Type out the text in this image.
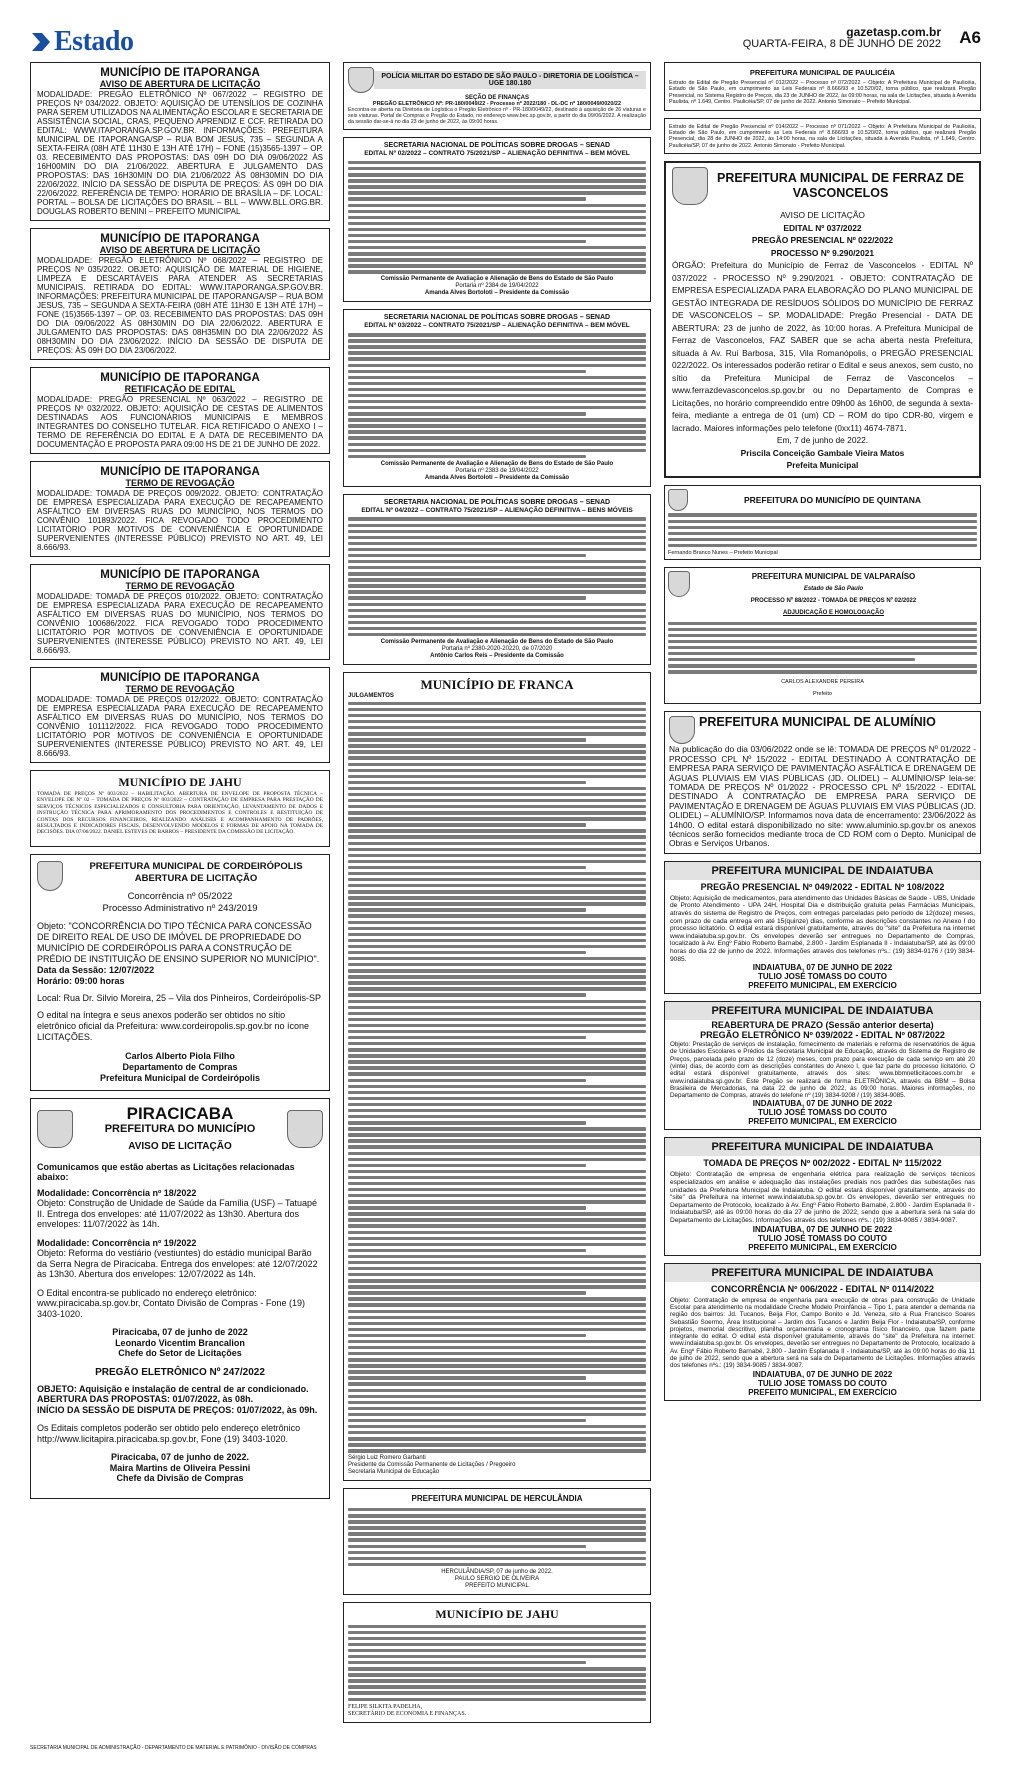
Estado	gazetasp.com.br
QUARTA-FEIRA, 8 DE JUNHO DE 2022 A6
MUNICÍPIO DE ITAPORANGA
AVISO DE ABERTURA DE LICITAÇÃO
MODALIDADE: PREGÃO ELETRÔNICO Nº 067/2022 – REGISTRO DE PREÇOS Nº 034/2022. OBJETO: AQUISIÇÃO DE UTENSÍLIOS DE COZINHA PARA SEREM UTILIZADOS NA ALIMENTAÇÃO ESCOLAR E SECRETARIA DE ASSISTÊNCIA SOCIAL, CRAS, PEQUENO APRENDIZ E CCF. RETIRADA DO EDITAL: WWW.ITAPORANGA.SP.GOV.BR. INFORMAÇÕES: PREFEITURA MUNICIPAL DE ITAPORANGA/SP – RUA BOM JESUS, 735 – SEGUNDA A SEXTA-FEIRA (08H ATÉ 11H30 E 13H ATÉ 17H) – FONE (15)3565-1397 – OP. 03. RECEBIMENTO DAS PROPOSTAS: DAS 09H DO DIA 09/06/2022 ÀS 16H00MIN DO DIA 21/06/2022. ABERTURA E JULGAMENTO DAS PROPOSTAS: DAS 16H30MIN DO DIA 21/06/2022 ÀS 08H30MIN DO DIA 22/06/2022. INÍCIO DA SESSÃO DE DISPUTA DE PREÇOS: ÀS 09H DO DIA 22/06/2022. REFERÊNCIA DE TEMPO: HORÁRIO DE BRASÍLIA – DF. LOCAL: PORTAL – BOLSA DE LICITAÇÕES DO BRASIL – BLL – WWW.BLL.ORG.BR. DOUGLAS ROBERTO BENINI – PREFEITO MUNICIPAL
MUNICÍPIO DE ITAPORANGA
AVISO DE ABERTURA DE LICITAÇÃO
MODALIDADE: PREGÃO ELETRÔNICO Nº 068/2022 – REGISTRO DE PREÇOS Nº 035/2022. OBJETO: AQUISIÇÃO DE MATERIAL DE HIGIENE, LIMPEZA E DESCARTÁVEIS PARA ATENDER AS SECRETARIAS MUNICIPAIS. RETIRADA DO EDITAL: WWW.ITAPORANGA.SP.GOV.BR. INFORMAÇÕES: PREFEITURA MUNICIPAL DE ITAPORANGA/SP – RUA BOM JESUS, 735 – SEGUNDA A SEXTA-FEIRA (08H ATÉ 11H30 E 13H ATÉ 17H) – FONE (15)3565-1397 – OP. 03. RECEBIMENTO DAS PROPOSTAS: DAS 09H DO DIA 09/06/2022 ÀS 08H30MIN DO DIA 22/06/2022. ABERTURA E JULGAMENTO DAS PROPOSTAS: DAS 08H35MIN DO DIA 22/06/2022 ÀS 08H30MIN DO DIA 23/06/2022. INÍCIO DA SESSÃO DE DISPUTA DE PREÇOS: ÀS 09H DO DIA 23/06/2022.
MUNICÍPIO DE ITAPORANGA
RETIFICAÇÃO DE EDITAL
MODALIDADE: PREGÃO PRESENCIAL Nº 063/2022 – REGISTRO DE PREÇOS Nº 032/2022. OBJETO: AQUISIÇÃO DE CESTAS DE ALIMENTOS DESTINADAS AOS FUNCIONÁRIOS MUNICIPAIS E MEMBROS INTEGRANTES DO CONSELHO TUTELAR. FICA RETIFICADO O ANEXO I – TERMO DE REFERÊNCIA DO EDITAL E A DATA DE RECEBIMENTO DA DOCUMENTAÇÃO E PROPOSTA PARA 09:00 HS DE 21 DE JUNHO DE 2022.
MUNICÍPIO DE ITAPORANGA
TERMO DE REVOGAÇÃO
MODALIDADE: TOMADA DE PREÇOS 009/2022. OBJETO: CONTRATAÇÃO DE EMPRESA ESPECIALIZADA PARA EXECUÇÃO DE RECAPEAMENTO ASFÁLTICO EM DIVERSAS RUAS DO MUNICÍPIO, NOS TERMOS DO CONVÊNIO 101893/2022. FICA REVOGADO TODO PROCEDIMENTO LICITATÓRIO POR MOTIVOS DE CONVENIÊNCIA E OPORTUNIDADE SUPERVENIENTES (INTERESSE PÚBLICO) PREVISTO NO ART. 49, LEI 8.666/93.
MUNICÍPIO DE ITAPORANGA
TERMO DE REVOGAÇÃO
MODALIDADE: TOMADA DE PREÇOS 010/2022. OBJETO: CONTRATAÇÃO DE EMPRESA ESPECIALIZADA PARA EXECUÇÃO DE RECAPEAMENTO ASFÁLTICO EM DIVERSAS RUAS DO MUNICÍPIO, NOS TERMOS DO CONVÊNIO 100686/2022. FICA REVOGADO TODO PROCEDIMENTO LICITATÓRIO POR MOTIVOS DE CONVENIÊNCIA E OPORTUNIDADE SUPERVENIENTES (INTERESSE PÚBLICO) PREVISTO NO ART. 49, LEI 8.666/93.
MUNICÍPIO DE ITAPORANGA
TERMO DE REVOGAÇÃO
MODALIDADE: TOMADA DE PREÇOS 012/2022. OBJETO: CONTRATAÇÃO DE EMPRESA ESPECIALIZADA PARA EXECUÇÃO DE RECAPEAMENTO ASFÁLTICO EM DIVERSAS RUAS DO MUNICÍPIO, NOS TERMOS DO CONVÊNIO 101112/2022. FICA REVOGADO TODO PROCEDIMENTO LICITATÓRIO POR MOTIVOS DE CONVENIÊNCIA E OPORTUNIDADE SUPERVENIENTES (INTERESSE PÚBLICO) PREVISTO NO ART. 49, LEI 8.666/93.
MUNICÍPIO DE JAHU
TOMADA DE PREÇOS Nº 003/2022 – HABILITAÇÃO. ABERTURA DE ENVELOPE DE PROPOSTA TÉCNICA – ENVELOPE DE Nº 02 – TOMADA DE PREÇOS Nº 003/2022 – CONTRATAÇÃO DE EMPRESA PARA PRESTAÇÃO DE SERVIÇOS TÉCNICOS ESPECIALIZADOS E CONSULTORIA PARA ORIENTAÇÃO, LEVANTAMENTO DE DADOS E INSTRUÇÃO TÉCNICA PARA APRIMORAMENTO DOS PROCEDIMENTOS E CONTROLES E RESTITUIÇÃO DE CONTAS DOS RECURSOS FINANCEIROS, REALIZANDO ANÁLISES E ACOMPANHAMENTO DE PADRÕES, RESULTADOS E INDICADORES FISCAIS, DESENVOLVENDO MODELOS E FORMAS DE APOIO NA TOMADA DE DECISÕES. DIA 07/06/2022. DANIEL ESTEVES DE BARROS – PRESIDENTE DA COMISSÃO DE LICITAÇÃO.
PREFEITURA MUNICIPAL DE CORDEIRÓPOLIS
ABERTURA DE LICITAÇÃO
Concorrência nº 05/2022
Processo Administrativo nº 243/2019
Objeto: "CONCORRÊNCIA DO TIPO TÉCNICA PARA CONCESSÃO DE DIREITO REAL DE USO DE IMÓVEL DE PROPRIEDADE DO MUNICÍPIO DE CORDEIRÓPOLIS PARA A CONSTRUÇÃO DE PRÉDIO DE INSTITUIÇÃO DE ENSINO SUPERIOR NO MUNICÍPIO".
Data da Sessão: 12/07/2022
Horário: 09:00 horas
Local: Rua Dr. Silvio Moreira, 25 – Vila dos Pinheiros, Cordeirópolis-SP
O edital na íntegra e seus anexos poderão ser obtidos no sítio eletrônico oficial da Prefeitura: www.cordeiropolis.sp.gov.br no ícone LICITAÇÕES.
Carlos Alberto Piola Filho
Departamento de Compras
Prefeitura Municipal de Cordeirópolis
PIRACICABA
PREFEITURA DO MUNICÍPIO
AVISO DE LICITAÇÃO
Comunicamos que estão abertas as Licitações relacionadas abaixo:

Modalidade: Concorrência nº 18/2022
Objeto: Construção de Unidade de Saúde da Família (USF) – Tatuapé II. Entrega dos envelopes: até 11/07/2022 às 13h30. Abertura dos envelopes: 11/07/2022 às 14h.

Modalidade: Concorrência nº 19/2022
Objeto: Reforma do vestiário (vestiuntes) do estádio municipal Barão da Serra Negra de Piracicaba. Entrega dos envelopes: até 12/07/2022 às 13h30. Abertura dos envelopes: 12/07/2022 às 14h.

O Edital encontra-se publicado no endereço eletrônico: www.piracicaba.sp.gov.br, Contato Divisão de Compras - Fone (19) 3403-1020.

Piracicaba, 07 de junho de 2022
Leonardo Vicentim Brancalion
Chefe do Setor de Licitações
PREGÃO ELETRÔNICO Nº 247/2022
OBJETO: Aquisição e instalação de central de ar condicionado.
ABERTURA DAS PROPOSTAS: 01/07/2022, às 08h.
INÍCIO DA SESSÃO DE DISPUTA DE PREÇOS: 01/07/2022, às 09h.
Os Editais completos poderão ser obtido pelo endereço eletrônico http://www.licitapira.piracicaba.sp.gov.br, Fone (19) 3403-1020.
Piracicaba, 07 de junho de 2022.
Maira Martins de Oliveira Pessini
Chefe da Divisão de Compras
SECRETARIA MUNICIPAL DE ADMINISTRAÇÃO - DEPARTAMENTO DE MATERIAL E PATRIMÔNIO - DIVISÃO DE COMPRAS
POLÍCIA MILITAR DO ESTADO DE SÃO PAULO - DIRETORIA DE LOGÍSTICA – UGE 180.180
SEÇÃO DE FINANÇAS
PREGÃO ELETRÔNICO Nº: PR-180/0049/22 - Processo nº 2022/180 - DL-DC nº 180/0049/0020/22
Encontra-se aberta na Diretoria de Logística o Pregão Eletrônico nº - PR-180/0049/22, destinado à aquisição de 26 viaturas e seis viaturas. Portal de Compras e Pregão do Estado, no endereço www.bec.sp.gov.br, a partir do dia 09/06/2022. A realização da sessão dar-se-á no dia 23 de junho de 2022, às 09:00 horas.
SECRETARIA NACIONAL DE POLÍTICAS SOBRE DROGAS – SENAD
EDITAL Nº 02/2022 – CONTRATO 75/2021/SP – ALIENAÇÃO DEFINITIVA – BEM MÓVEL
Comissão Permanente de Avaliação e Alienação de Bens do Estado de São Paulo
Portaria nº 2384 de 19/04/2022
Amanda Alves Bortoloti – Presidente da Comissão
SECRETARIA NACIONAL DE POLÍTICAS SOBRE DROGAS – SENAD
EDITAL Nº 03/2022 – CONTRATO 75/2021/SP – ALIENAÇÃO DEFINITIVA – BEM MÓVEL
Comissão Permanente de Avaliação e Alienação de Bens do Estado de São Paulo
Portaria nº 2383 de 19/04/2022
Amanda Alves Bortoloti – Presidente da Comissão
SECRETARIA NACIONAL DE POLÍTICAS SOBRE DROGAS – SENAD
EDITAL Nº 04/2022 – CONTRATO 75/2021/SP – ALIENAÇÃO DEFINITIVA – BENS MÓVEIS
Comissão Permanente de Avaliação e Alienação de Bens do Estado de São Paulo
Portaria nº 2380-2020-20220, de 07/2020
Antônio Carlos Reis – Presidente da Comissão
MUNICÍPIO DE FRANCA
JULGAMENTOS
Sérgio Luiz Romero Garbanti
Presidente da Comissão Permanente de Licitações / Pregoeiro
Secretaria Municipal de Educação
PREFEITURA MUNICIPAL DE HERCULÂNDIA
HERCULÂNDIA/SP, 07 de junho de 2022.
PAULO SERGIO DE OLIVEIRA
PREFEITO MUNICIPAL
MUNICÍPIO DE JAHU
FELIPE SILKITA PADELHA,
SECRETÁRIO DE ECONOMIA E FINANÇAS.
PREFEITURA MUNICIPAL DE PAULICÉIA
Extrato de Edital de Pregão Presencial nº 012/2022 – Processo nº 072/2022 – Objeto: A Prefeitura Municipal de Paulicéia, Estado de São Paulo, em cumprimento as Leis Federais nº 8.666/93 e 10.520/02, torna público, que realizará Pregão Presencial, no Sistema Registro de Preços, dia 23 de JUNHO de 2022, às 09:00 horas, na sala de Licitações, situada à Avenida Paulista, nº 1.649, Centro. Paulicéia/SP, 07 de junho de 2022. Antonio Simonato – Prefeito Municipal.
Extrato de Edital de Pregão Presencial nº 014/2022 – Processo nº 071/2022 – Objeto: A Prefeitura Municipal de Paulicéia, Estado de São Paulo, em cumprimento as Leis Federais nº 8.666/93 e 10.520/02, torna público, que realizará Pregão Presencial, dia 28 de JUNHO de 2022, às 14:00 horas, na sala de Licitações, situada à Avenida Paulista, nº 1.649, Centro. Paulicéia/SP, 07 de junho de 2022. Antonio Simonato - Prefeito Municipal.
PREFEITURA MUNICIPAL DE FERRAZ DE VASCONCELOS
AVISO DE LICITAÇÃO
EDITAL Nº 037/2022
PREGÃO PRESENCIAL Nº 022/2022
PROCESSO Nº 9.290/2021
ÓRGÃO: Prefeitura do Município de Ferraz de Vasconcelos - EDITAL Nº 037/2022 - PROCESSO Nº 9.290/2021 - OBJETO: CONTRATAÇÃO DE EMPRESA ESPECIALIZADA PARA ELABORAÇÃO DO PLANO MUNICIPAL DE GESTÃO INTEGRADA DE RESÍDUOS SÓLIDOS DO MUNICÍPIO DE FERRAZ DE VASCONCELOS – SP. MODALIDADE: Pregão Presencial - DATA DE ABERTURA: 23 de junho de 2022, às 10:00 horas. A Prefeitura Municipal de Ferraz de Vasconcelos, FAZ SABER que se acha aberta nesta Prefeitura, situada à Av. Rui Barbosa, 315, Vila Romanópolis, o PREGÃO PRESENCIAL 022/2022. Os interessados poderão retirar o Edital e seus anexos, sem custo, no sítio da Prefeitura Municipal de Ferraz de Vasconcelos – www.ferrazdevasconcelos.sp.gov.br ou no Departamento de Compras e Licitações, no horário compreendido entre 09h00 às 16h00, de segunda à sexta-feira, mediante a entrega de 01 (um) CD – ROM do tipo CDR-80, virgem e lacrado. Maiores informações pelo telefone (0xx11) 4674-7871.
Em, 7 de junho de 2022.
Priscila Conceição Gambale Vieira Matos
Prefeita Municipal
PREFEITURA DO MUNICÍPIO DE QUINTANA
Fernando Branco Nunes – Prefeito Municipal
PREFEITURA MUNICIPAL DE VALPARAÍSO
Estado de São Paulo
PROCESSO Nº 88/2022 - TOMADA DE PREÇOS Nº 02/2022
ADJUDICAÇÃO E HOMOLOGAÇÃO
CARLOS ALEXANDRE PEREIRA
Prefeito
PREFEITURA MUNICIPAL DE ALUMÍNIO
Na publicação do dia 03/06/2022 onde se lê: TOMADA DE PREÇOS Nº 01/2022 - PROCESSO CPL Nº 15/2022 - EDITAL DESTINADO À CONTRATAÇÃO DE EMPRESA PARA SERVIÇO DE PAVIMENTAÇÃO ASFÁLTICA E DRENAGEM DE ÁGUAS PLUVIAIS EM VIAS PÚBLICAS (JD. OLIDEL) – ALUMÍNIO/SP leia-se: TOMADA DE PREÇOS Nº 01/2022 - PROCESSO CPL Nº 15/2022 - EDITAL DESTINADO À CONTRATAÇÃO DE EMPRESA PARA SERVIÇO DE PAVIMENTAÇÃO E DRENAGEM DE ÁGUAS PLUVIAIS EM VIAS PÚBLICAS (JD. OLIDEL) – ALUMÍNIO/SP. Informamos nova data de encerramento: 23/06/2022 às 14h00. O edital estará disponibilizado no site: www.aluminio.sp.gov.br os anexos técnicos serão fornecidos mediante troca de CD ROM com o Depto. Municipal de Obras e Serviços Urbanos.
PREFEITURA MUNICIPAL DE INDAIATUBA
PREGÃO PRESENCIAL Nº 049/2022 - EDITAL Nº 108/2022
Objeto: Aquisição de medicamentos, para atendimento das Unidades Básicas de Saúde - UBS, Unidade de Pronto Atendimento - UPA 24H, Hospital Dia e distribuição gratuita pelas Farmácias Municipais, através do sistema de Registro de Preços, com entregas parceladas pelo período de 12(doze) meses, com prazo de cada entrega em até 15(quinze) dias, conforme as descrições constantes no Anexo I do processo licitatório. O edital estará disponível gratuitamente, através do "site" da Prefeitura na internet www.indaiatuba.sp.gov.br. Os envelopes deverão ser entregues no Departamento de Compras, localizado à Av. Engº Fábio Roberto Barnabé, 2.800 - Jardim Esplanada II - Indaiatuba/SP, até às 09:00 horas do dia 22 de junho de 2022. Informações através dos telefones nºs.: (19) 3834-9176 / (19) 3834-9085.
INDAIATUBA, 07 DE JUNHO DE 2022
TULIO JOSÉ TOMASS DO COUTO
PREFEITO MUNICIPAL, EM EXERCÍCIO
PREFEITURA MUNICIPAL DE INDAIATUBA
REABERTURA DE PRAZO (Sessão anterior deserta)
PREGÃO ELETRÔNICO Nº 039/2022 - EDITAL Nº 087/2022
Objeto: Prestação de serviços de instalação, fornecimento de materiais e reforma de reservatórios de água de Unidades Escolares e Prédios da Secretaria Municipal de Educação, através do Sistema de Registro de Preços, parcelada pelo prazo de 12 (doze) meses, com prazo para execução de cada serviço em até 20 (vinte) dias, de acordo com as descrições constantes do Anexo I, que faz parte do processo licitatório. O edital estará disponível gratuitamente, através dos sites: www.bbmnetlicitacoes.com.br e www.indaiatuba.sp.gov.br. Este Pregão se realizará de forma ELETRÔNICA, através da BBM – Bolsa Brasileira de Mercadorias, na data 22 de junho de 2022, às 09:00 horas. Maiores informações, no Departamento de Compras, através do telefone nº (19) 3834-9208 / (19) 3834-9085.
INDAIATUBA, 07 DE JUNHO DE 2022
TULIO JOSÉ TOMASS DO COUTO
PREFEITO MUNICIPAL, EM EXERCÍCIO
PREFEITURA MUNICIPAL DE INDAIATUBA
TOMADA DE PREÇOS Nº 002/2022 - EDITAL Nº 115/2022
Objeto: Contratação de empresa de engenharia elétrica para realização de serviços técnicos especializados em análise e adequação das instalações prediais nos padrões das subestações nas unidades da Prefeitura Municipal de Indaiatuba. O edital estará disponível gratuitamente, através do "site" da Prefeitura na internet www.indaiatuba.sp.gov.br. Os envelopes, deverão ser entregues no Departamento de Protocolo, localizado à Av. Engº Fábio Roberto Barnabé, 2.800 - Jardim Esplanada II - Indaiatuba/SP, até às 09:00 horas do dia 27 de junho de 2022, sendo que a abertura será na sala do Departamento de Licitações. Informações através dos telefones nºs.: (19) 3834-9085 / 3834-9087.
INDAIATUBA, 07 DE JUNHO DE 2022
TULIO JOSÉ TOMASS DO COUTO
PREFEITO MUNICIPAL, EM EXERCÍCIO
PREFEITURA MUNICIPAL DE INDAIATUBA
CONCORRÊNCIA Nº 006/2022 - EDITAL Nº 0114/2022
Objeto: Contratação de empresa de engenharia para execução de obras para construção de Unidade Escolar para atendimento na modalidade Creche Modelo Proinfância – Tipo 1, para atender a demanda na região dos bairros: Jd. Tucanos, Beija Flor, Campo Bonito e Jd. Veneza, sito a Rua Francisco Soares Sebastião Soermo, Área Institucional – Jardim dos Tucanos e Jardim Beija Flor - Indaiatuba/SP, conforme projetos, memorial descritivo, planilha orçamentária e cronograma físico financeiro, que fazem parte integrante do edital. O edital está disponível gratuitamente, através do "site" da Prefeitura na internet: www.indaiatuba.sp.gov.br. Os envelopes, deverão ser entregues no Departamento de Protocolo, localizado à Av. Engº Fábio Roberto Barnabé, 2.800 - Jardim Esplanada II - Indaiatuba/SP, até às 09:00 horas do dia 11 de julho de 2022, sendo que a abertura será na sala do Departamento de Licitações. Informações através dos telefones nºs.: (19) 3834-9085 / 3834-9087.
INDAIATUBA, 07 DE JUNHO DE 2022
TULIO JOSE TOMASS DO COUTO
PREFEITO MUNICIPAL, EM EXERCÍCIO
